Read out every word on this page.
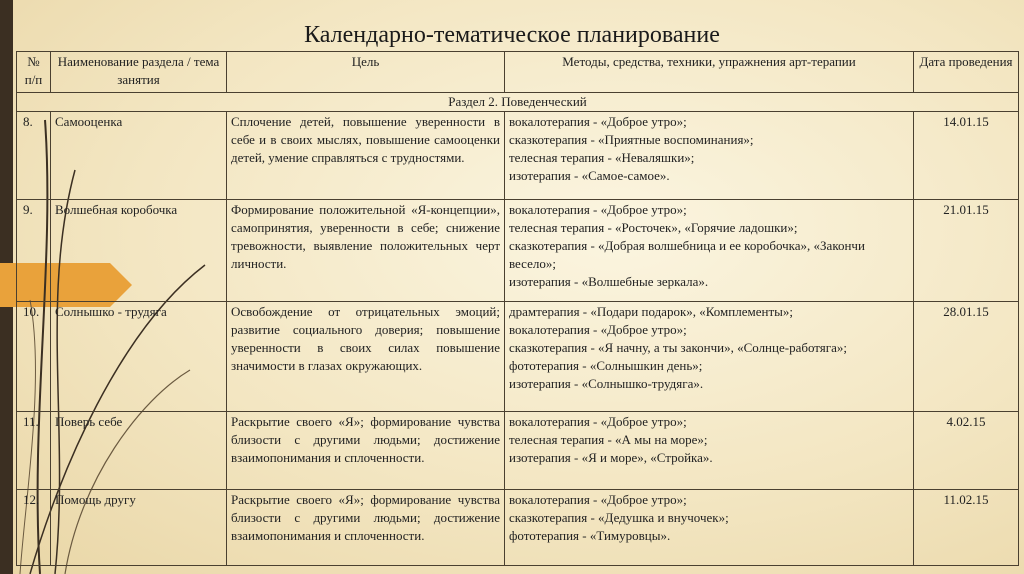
Календарно-тематическое планирование
№ п/п	Наименование раздела / тема занятия	Цель	Методы, средства, техники, упражнения арт-терапии	Дата проведения
Раздел 2. Поведенческий				
8.	Самооценка	Сплочение детей, повышение уверенности в себе и в своих мыслях, повышение самооценки детей, умение справляться с трудностями.	вокалотерапия - «Доброе утро»;
сказкотерапия - «Приятные воспоминания»;
телесная терапия - «Неваляшки»;
изотерапия - «Самое-самое».	14.01.15
9.	Волшебная коробочка	Формирование положительной «Я-концепции», самопринятия, уверенности в себе; снижение тревожности, выявление положительных черт личности.	вокалотерапия - «Доброе утро»;
телесная терапия - «Росточек», «Горячие ладошки»;
сказкотерапия - «Добрая волшебница и ее коробочка», «Закончи весело»;
изотерапия - «Волшебные зеркала».	21.01.15
10.	Солнышко - трудяга	Освобождение от отрицательных эмоций; развитие социального доверия; повышение уверенности в своих силах повышение значимости в глазах окружающих.	драмтерапия - «Подари подарок», «Комплементы»;
вокалотерапия - «Доброе утро»;
сказкотерапия - «Я начну, а ты закончи», «Солнце-работяга»;
фототерапия - «Солнышкин день»;
изотерапия - «Солнышко-трудяга».	28.01.15
11.	Поверь себе	Раскрытие своего «Я»; формирование чувства близости с другими людьми; достижение взаимопонимания и сплоченности.	вокалотерапия - «Доброе утро»;
телесная терапия - «А мы на море»;
изотерапия - «Я и море», «Стройка».	4.02.15
12.	Помощь другу	Раскрытие своего «Я»; формирование чувства близости с другими людьми; достижение взаимопонимания и сплоченности.	вокалотерапия - «Доброе утро»;
сказкотерапия - «Дедушка и внучочек»;
фототерапия - «Тимуровцы».	11.02.15
